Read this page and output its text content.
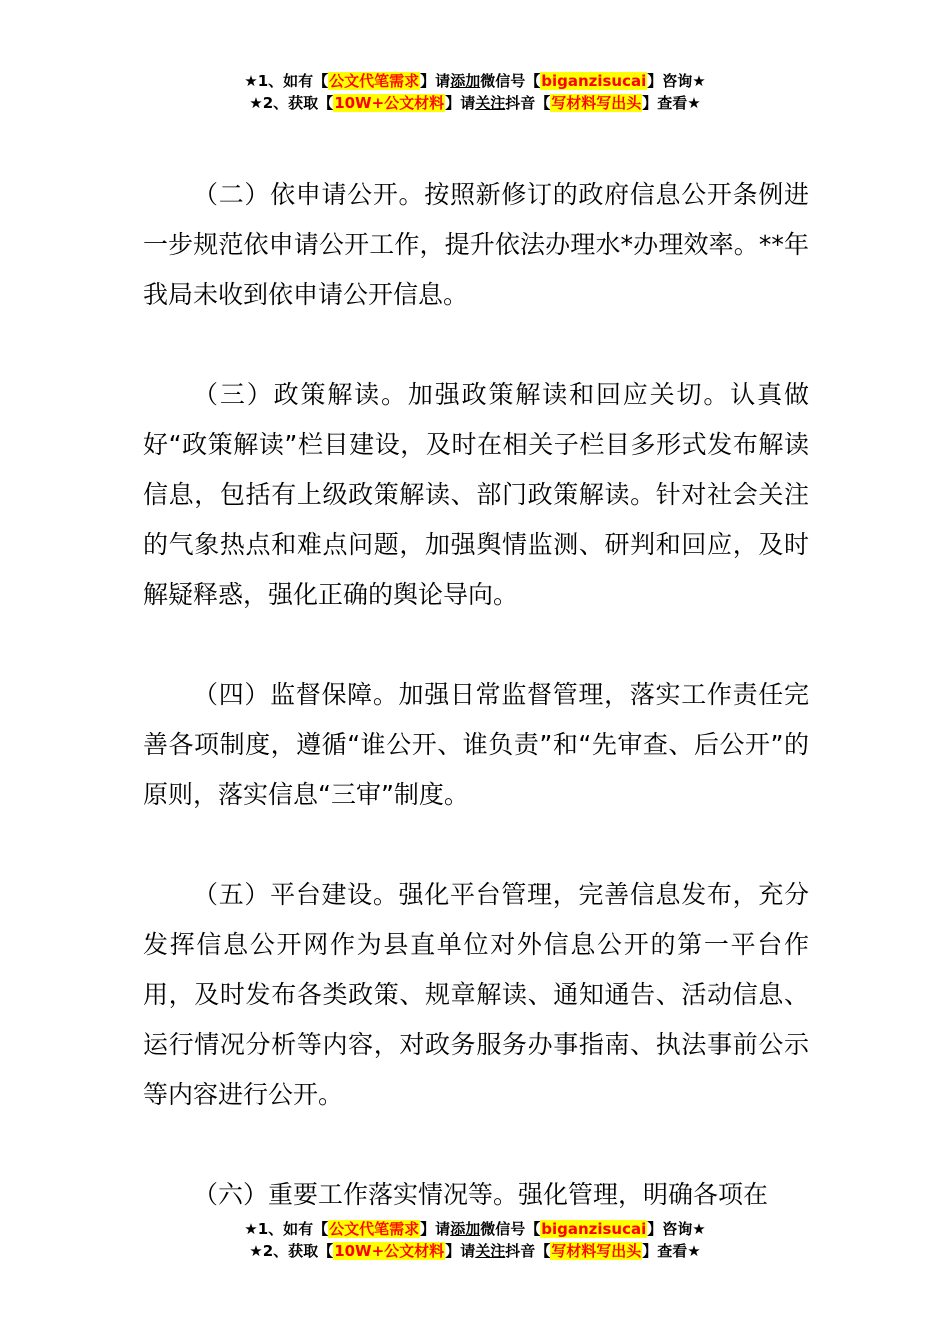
★1、如有【公文代笔需求】请添加微信号【biganzisucai】咨询★
★2、获取【10W+公文材料】请关注抖音【写材料写出头】查看★

（二）依申请公开。按照新修订的政府信息公开条例进一步规范依申请公开工作，提升依法办理水*办理效率。**年我局未收到依申请公开信息。

（三）政策解读。加强政策解读和回应关切。认真做好“政策解读”栏目建设，及时在相关子栏目多形式发布解读信息，包括有上级政策解读、部门政策解读。针对社会关注的气象热点和难点问题，加强舆情监测、研判和回应，及时解疑释惑，强化正确的舆论导向。

（四）监督保障。加强日常监督管理，落实工作责任完善各项制度，遵循“谁公开、谁负责”和“先审查、后公开”的原则，落实信息“三审”制度。

（五）平台建设。强化平台管理，完善信息发布，充分发挥信息公开网作为县直单位对外信息公开的第一平台作用，及时发布各类政策、规章解读、通知通告、活动信息、运行情况分析等内容，对政务服务办事指南、执法事前公示等内容进行公开。

（六）重要工作落实情况等。强化管理，明确各项在

★1、如有【公文代笔需求】请添加微信号【biganzisucai】咨询★
★2、获取【10W+公文材料】请关注抖音【写材料写出头】查看★
